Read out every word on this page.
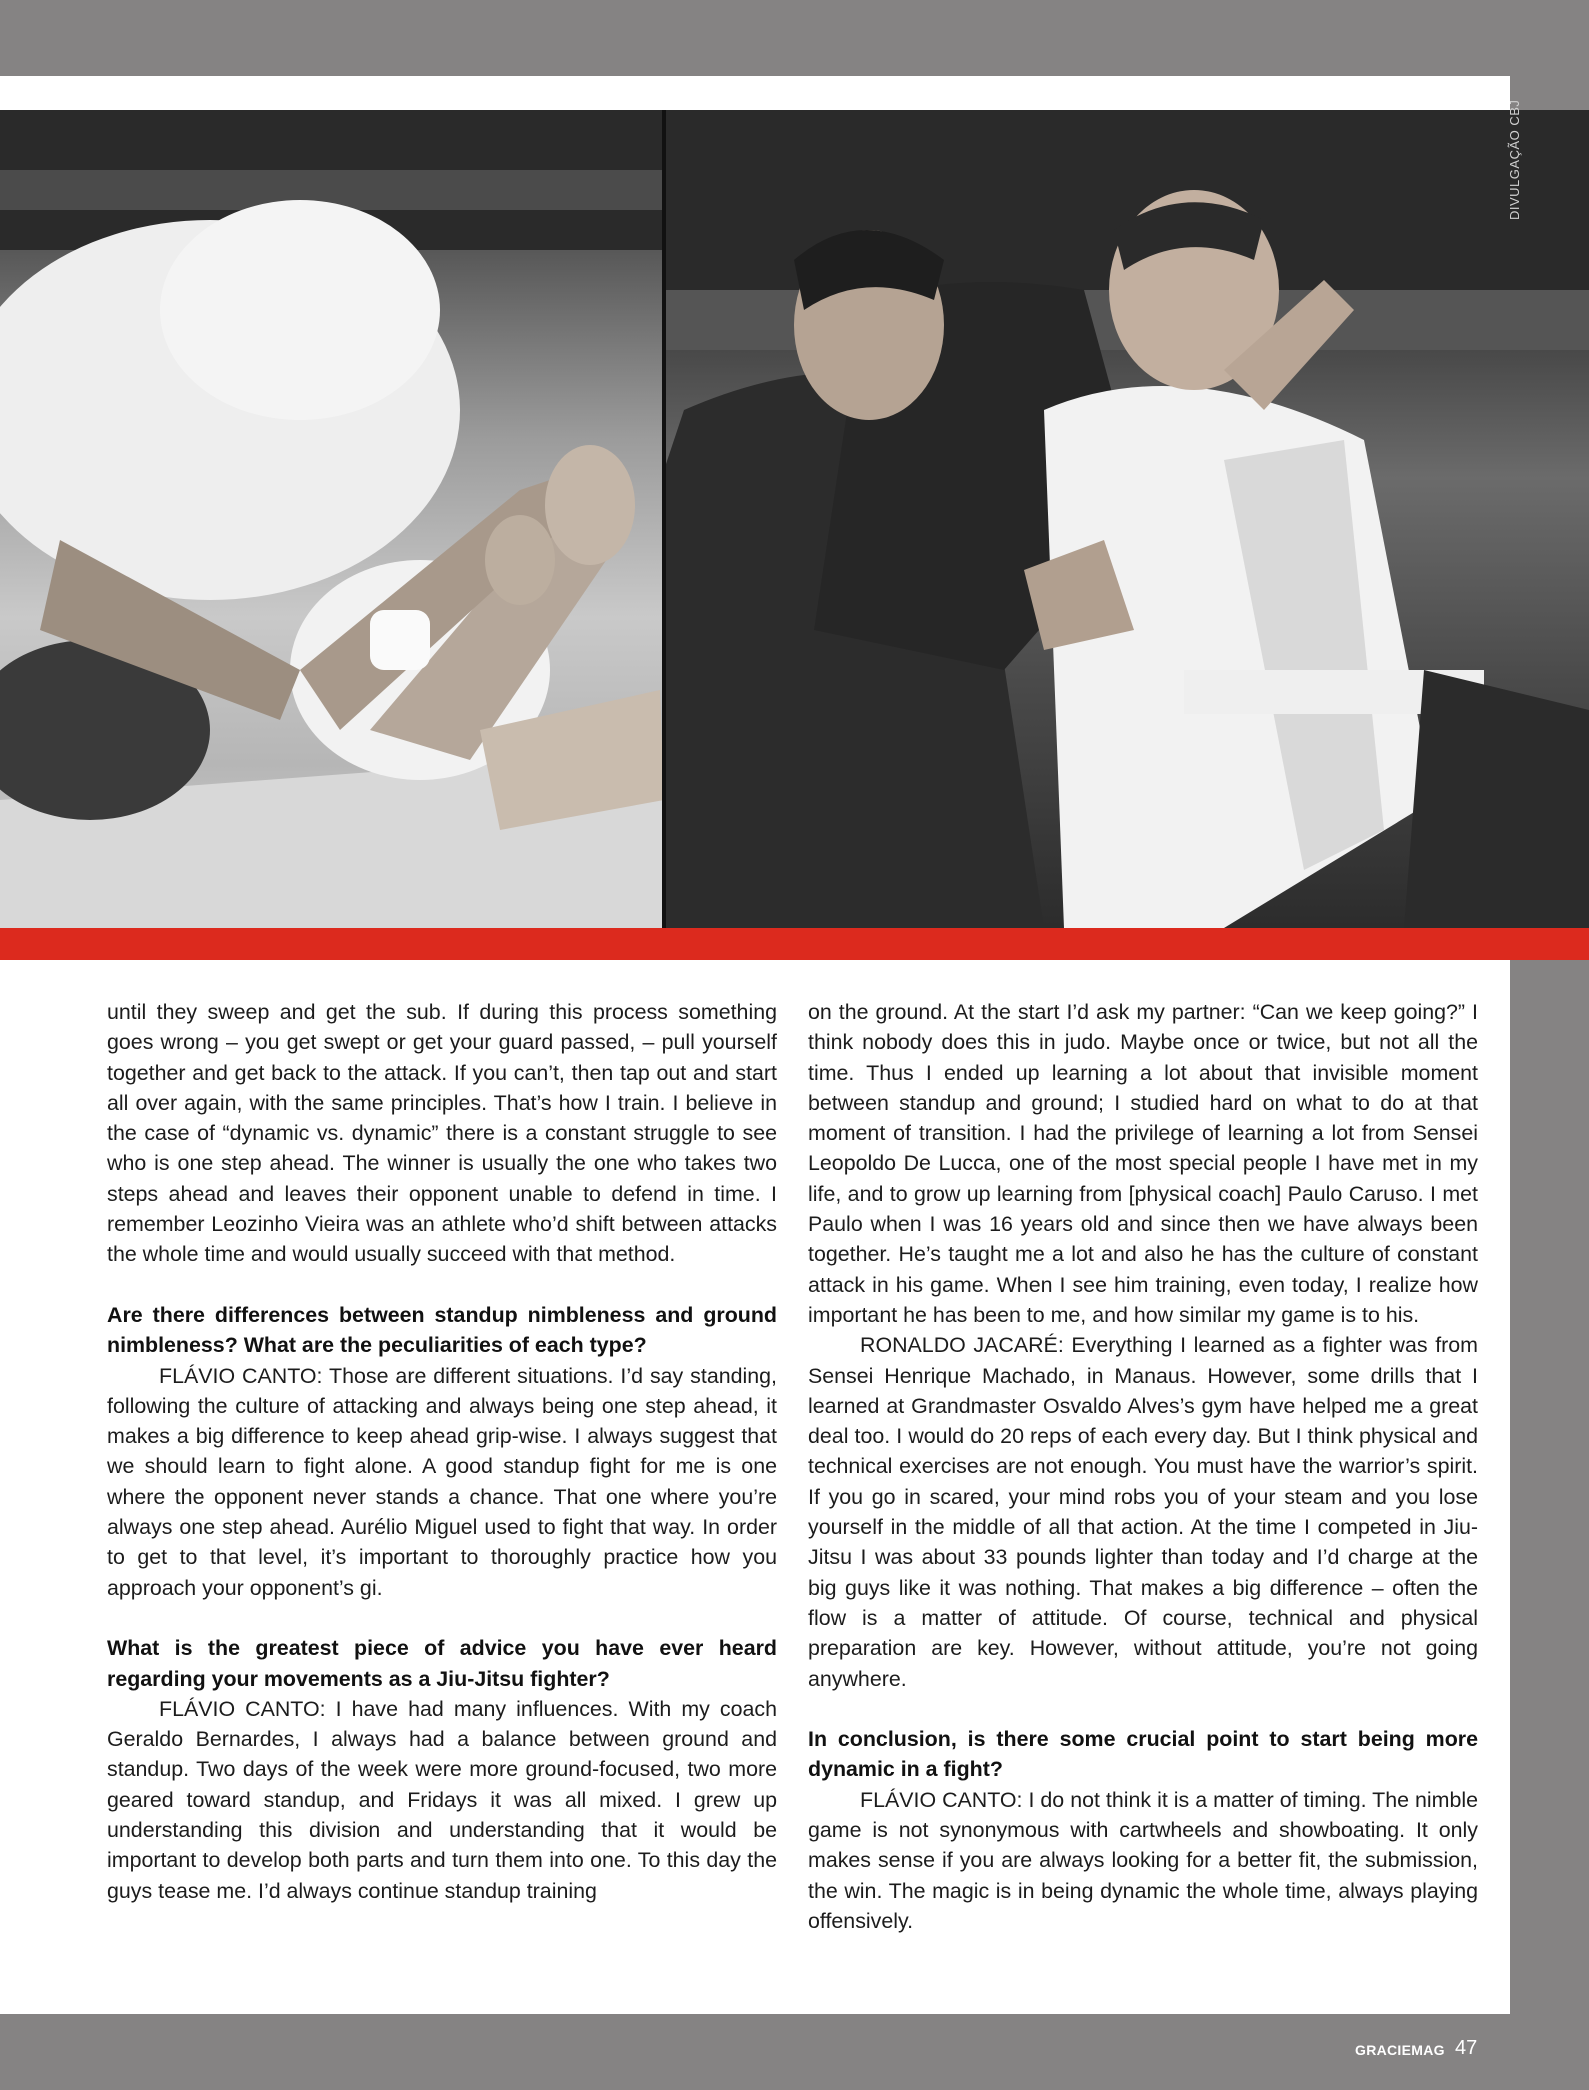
DIVULGAÇÃO CBJ

until they sweep and get the sub. If during this process something goes wrong – you get swept or get your guard passed, – pull yourself together and get back to the attack. If you can’t, then tap out and start all over again, with the same principles. That’s how I train. I believe in the case of “dynamic vs. dynamic” there is a constant struggle to see who is one step ahead. The winner is usually the one who takes two steps ahead and leaves their opponent unable to defend in time. I remember Leozinho Vieira was an athlete who’d shift between attacks the whole time and would usually succeed with that method.

Are there differences between standup nimbleness and ground nimbleness? What are the peculiarities of each type?

FLÁVIO CANTO: Those are different situations. I’d say standing, following the culture of attacking and always being one step ahead, it makes a big difference to keep ahead grip-wise. I always suggest that we should learn to fight alone. A good standup fight for me is one where the opponent never stands a chance. That one where you’re always one step ahead. Aurélio Miguel used to fight that way. In order to get to that level, it’s important to thoroughly practice how you approach your opponent’s gi.

What is the greatest piece of advice you have ever heard regarding your movements as a Jiu-Jitsu fighter?

FLÁVIO CANTO: I have had many influences. With my coach Geraldo Bernardes, I always had a balance between ground and standup. Two days of the week were more ground-focused, two more geared toward standup, and Fridays it was all mixed. I grew up understanding this division and understanding that it would be important to develop both parts and turn them into one. To this day the guys tease me. I’d always continue standup training

on the ground. At the start I’d ask my partner: “Can we keep going?” I think nobody does this in judo. Maybe once or twice, but not all the time. Thus I ended up learning a lot about that invisible moment between standup and ground; I studied hard on what to do at that moment of transition. I had the privilege of learning a lot from Sensei Leopoldo De Lucca, one of the most special people I have met in my life, and to grow up learning from [physical coach] Paulo Caruso. I met Paulo when I was 16 years old and since then we have always been together. He’s taught me a lot and also he has the culture of constant attack in his game. When I see him training, even today, I realize how important he has been to me, and how similar my game is to his.

RONALDO JACARÉ: Everything I learned as a fighter was from Sensei Henrique Machado, in Manaus. However, some drills that I learned at Grandmaster Osvaldo Alves’s gym have helped me a great deal too. I would do 20 reps of each every day. But I think physical and technical exercises are not enough. You must have the warrior’s spirit. If you go in scared, your mind robs you of your steam and you lose yourself in the middle of all that action. At the time I competed in Jiu-Jitsu I was about 33 pounds lighter than today and I’d charge at the big guys like it was nothing. That makes a big difference – often the flow is a matter of attitude. Of course, technical and physical preparation are key. However, without attitude, you’re not going anywhere.

In conclusion, is there some crucial point to start being more dynamic in a fight?

FLÁVIO CANTO: I do not think it is a matter of timing. The nimble game is not synonymous with cartwheels and showboating. It only makes sense if you are always looking for a better fit, the submission, the win. The magic is in being dynamic the whole time, always playing offensively.

GRACIEMAG 47
